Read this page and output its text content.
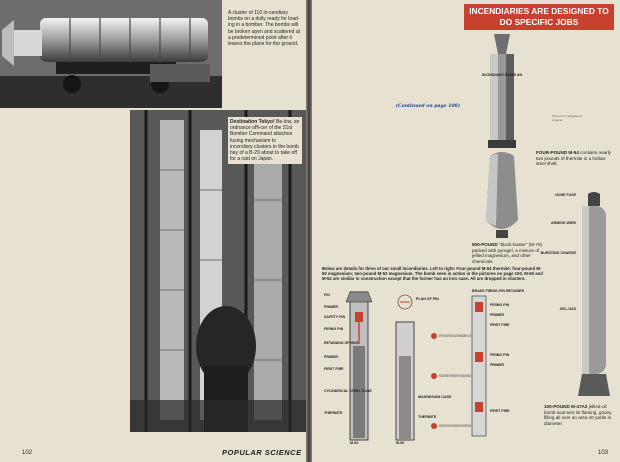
A cluster of 110 in-cendiary bombs on a dolly ready for load-ing in a bomber. The bombs will be broken open and scattered at a predetermined point after it leaves the plane for the ground.
Destination Tokyo! Be-low, an ordnance offi-cer of the 21st Bomber Command attaches fusing mechanism to incendiary clusters in the bomb bay of a B-29 about to take off for a raid on Japan.

102	POPULAR SCIENCE

(Continued on page 108)

INCENDIARIES ARE DESIGNED TO DO SPECIFIC JOBS
INCENDIARY BOMB AN
Photo from Edgewood Arsenal
FOUR-POUND M-54 contains nearly two pounds of thermite in a hollow steel shell.
500-POUND "block-buster" (M-76) packed with pyrogel, a mixture of jellied magnesium, and other chemicals.
100-POUND M-47A2 jellied-oil bomb scat-ters its flaming, gooey filling all over an area 40 yards in diameter.
NOSE FUSE
ARMING WIRE
BURSTING CHARGE
GEL-GAS
Below are details for three of our small incendiaries. Left to right: Four-pound M-54 thermite; four-pound M-50 magnesium; two-pound M-52 magnesium. The bomb seen in action in the pictures on page 100. M-50 and M-52 are similar in construction except that the former has an iron case. All are dropped in clusters.
FIN
PRIMER
SAFETY PIN
FIRING PIN
RETAINING SPRING
PRIMER
FIRST FIRE
CYLINDRICAL STEEL CASE
THERMITE
PLAN OF PIN
MAGNESIUM CASE
THERMITE
BRASS FIRING-PIN RETAINER
FIRING PIN
PRIMER
FIRST FIRE
FIRING PIN
PRIMER
FIRST FIRE
SAFETY PIN HELD IN SAFE POSITION BY ADJACENT BOMB WHEN CARRIED IN CLUSTER
WHEN CLUSTER IS OPENED, SPRING PRESSURE ON SAFETY PIN IS RELEASED, ARMING BOMB.
WHEN BOMB STRIKES TARGET, IMPACT DRIVES FIRING PIN DOWNWARD, BENDING PRONGS OF RETAINER AND EXPLODING THE PRIMER.
M-54	M-50
103
